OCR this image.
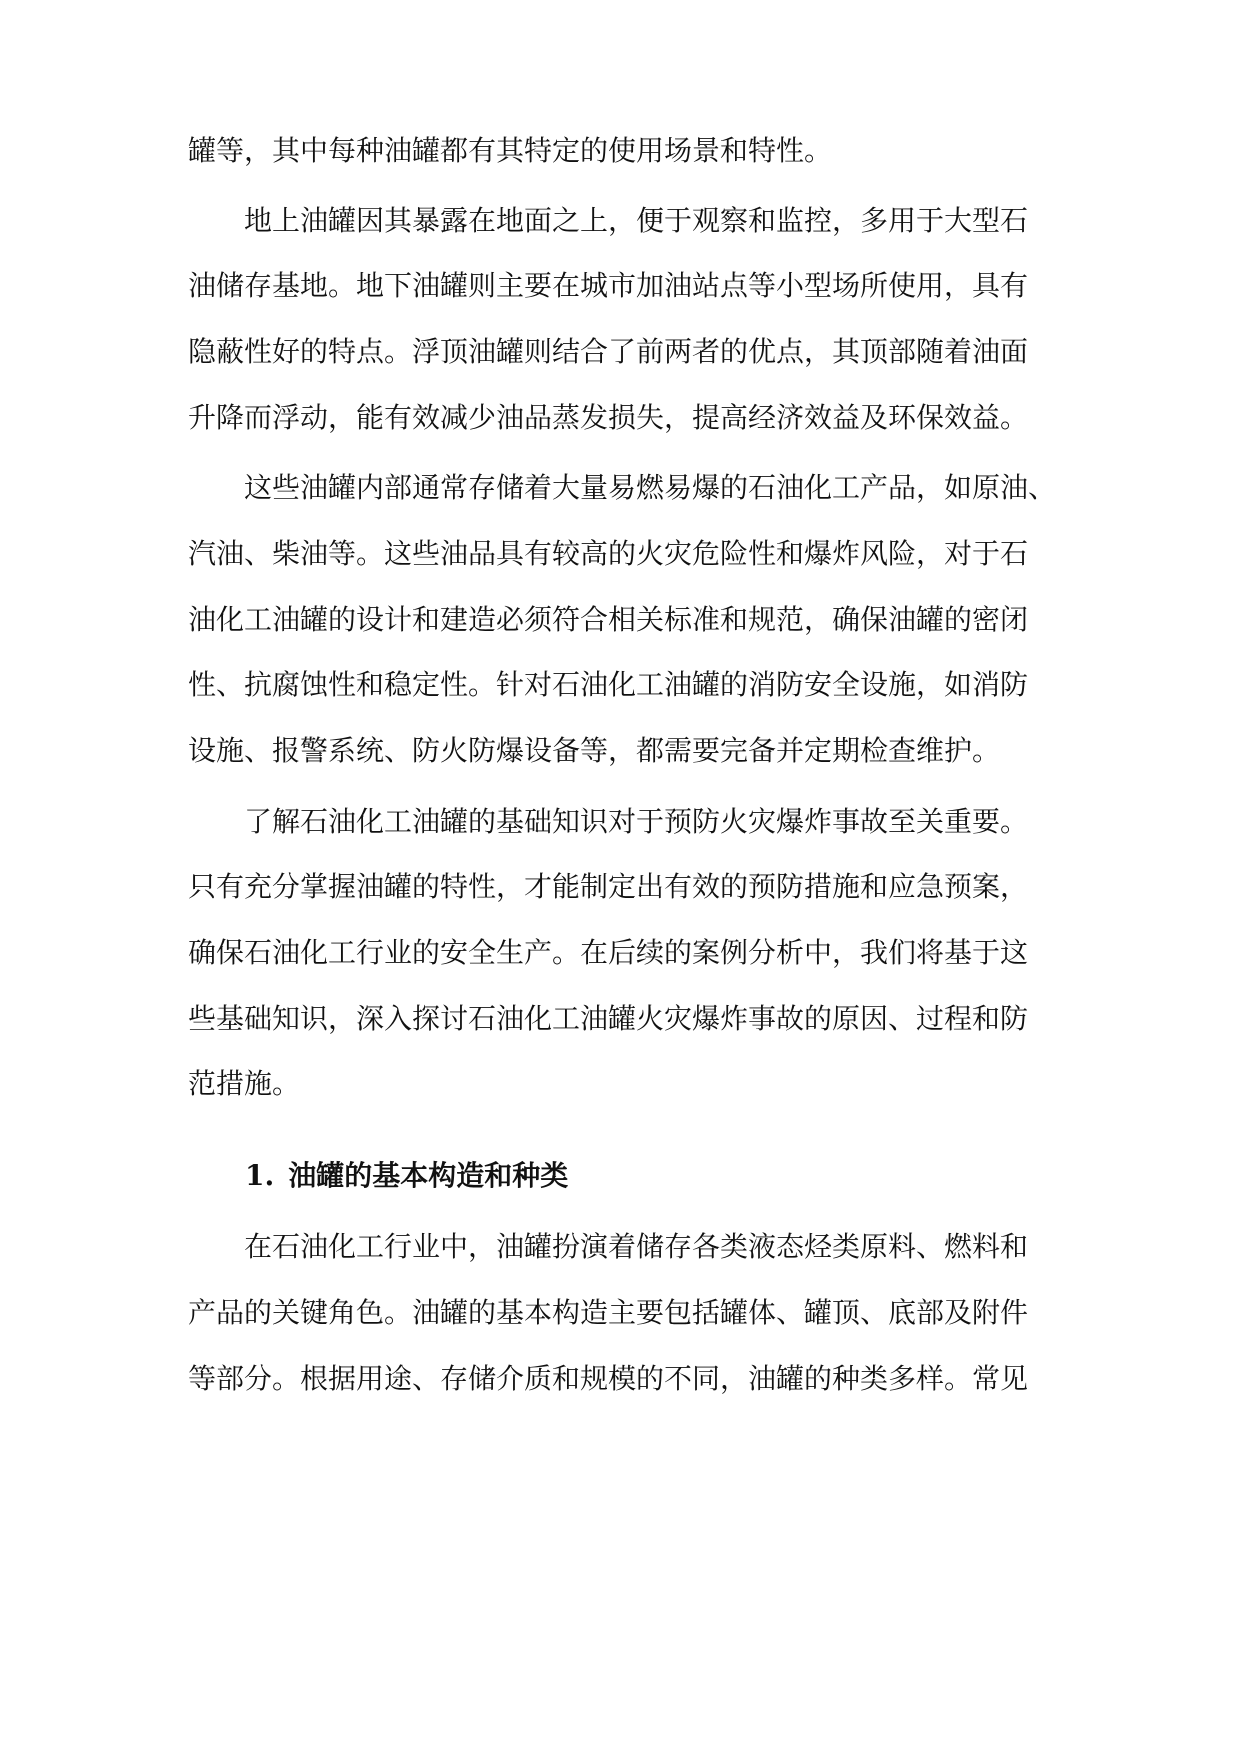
罐等，其中每种油罐都有其特定的使用场景和特性。

　　地上油罐因其暴露在地面之上，便于观察和监控，多用于大型石

油储存基地。地下油罐则主要在城市加油站点等小型场所使用，具有

隐蔽性好的特点。浮顶油罐则结合了前两者的优点，其顶部随着油面

升降而浮动，能有效减少油品蒸发损失，提高经济效益及环保效益。

　　这些油罐内部通常存储着大量易燃易爆的石油化工产品，如原油、

汽油、柴油等。这些油品具有较高的火灾危险性和爆炸风险，对于石

油化工油罐的设计和建造必须符合相关标准和规范，确保油罐的密闭

性、抗腐蚀性和稳定性。针对石油化工油罐的消防安全设施，如消防

设施、报警系统、防火防爆设备等，都需要完备并定期检查维护。

　　了解石油化工油罐的基础知识对于预防火灾爆炸事故至关重要。

只有充分掌握油罐的特性，才能制定出有效的预防措施和应急预案，

确保石油化工行业的安全生产。在后续的案例分析中，我们将基于这

些基础知识，深入探讨石油化工油罐火灾爆炸事故的原因、过程和防

范措施。

1. 油罐的基本构造和种类

　　在石油化工行业中，油罐扮演着储存各类液态烃类原料、燃料和

产品的关键角色。油罐的基本构造主要包括罐体、罐顶、底部及附件

等部分。根据用途、存储介质和规模的不同，油罐的种类多样。常见
